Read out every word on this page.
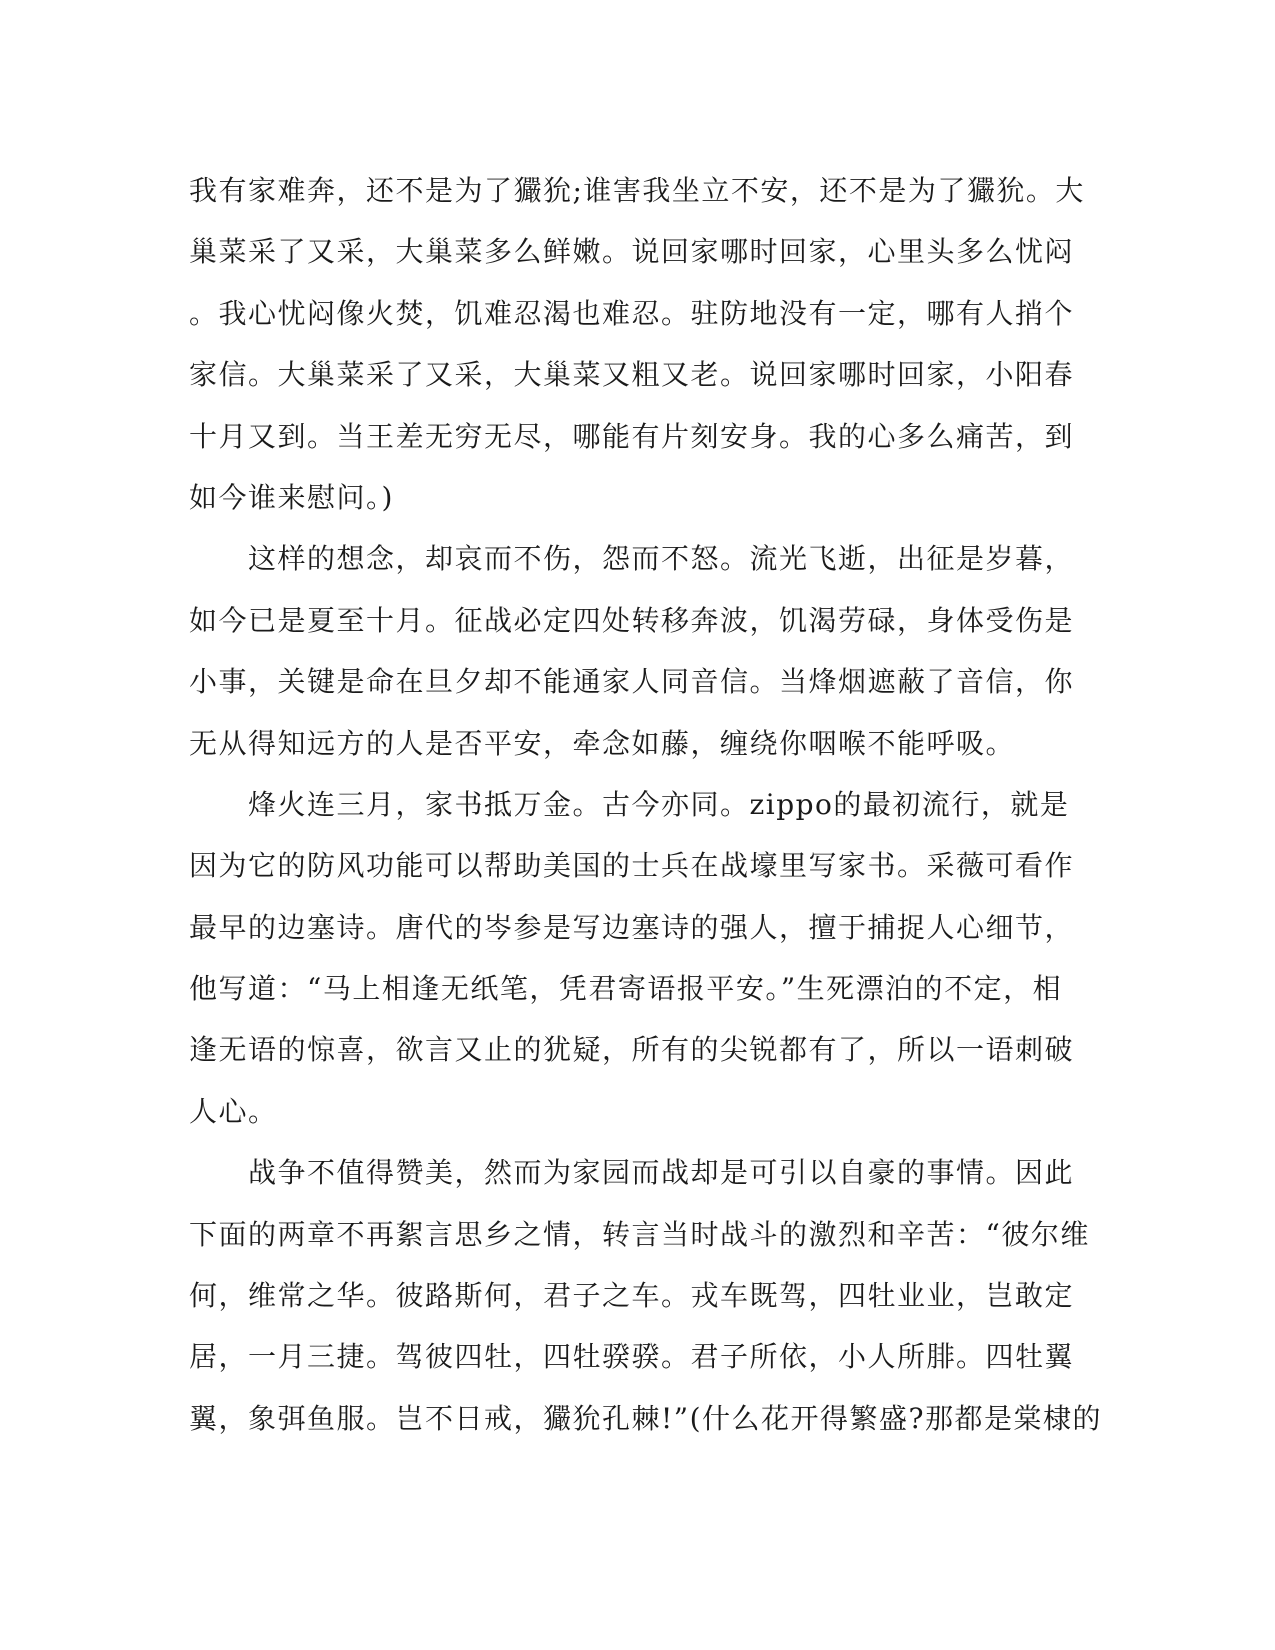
我有家难奔，还不是为了玁狁;谁害我坐立不安，还不是为了玁狁。大
巢菜采了又采，大巢菜多么鲜嫩。说回家哪时回家，心里头多么忧闷
。我心忧闷像火焚，饥难忍渴也难忍。驻防地没有一定，哪有人捎个
家信。大巢菜采了又采，大巢菜又粗又老。说回家哪时回家，小阳春
十月又到。当王差无穷无尽，哪能有片刻安身。我的心多么痛苦，到
如今谁来慰问。)
　　这样的想念，却哀而不伤，怨而不怒。流光飞逝，出征是岁暮，
如今已是夏至十月。征战必定四处转移奔波，饥渴劳碌，身体受伤是
小事，关键是命在旦夕却不能通家人同音信。当烽烟遮蔽了音信，你
无从得知远方的人是否平安，牵念如藤，缠绕你咽喉不能呼吸。
　　烽火连三月，家书抵万金。古今亦同。zippo的最初流行，就是
因为它的防风功能可以帮助美国的士兵在战壕里写家书。采薇可看作
最早的边塞诗。唐代的岑参是写边塞诗的强人，擅于捕捉人心细节，
他写道：“马上相逢无纸笔，凭君寄语报平安。”生死漂泊的不定，相
逢无语的惊喜，欲言又止的犹疑，所有的尖锐都有了，所以一语刺破
人心。
　　战争不值得赞美，然而为家园而战却是可引以自豪的事情。因此
下面的两章不再絮言思乡之情，转言当时战斗的激烈和辛苦：“彼尔维
何，维常之华。彼路斯何，君子之车。戎车既驾，四牡业业，岂敢定
居，一月三捷。驾彼四牡，四牡骙骙。君子所依，小人所腓。四牡翼
翼，象弭鱼服。岂不日戒，玁狁孔棘!”(什么花开得繁盛?那都是棠棣的
